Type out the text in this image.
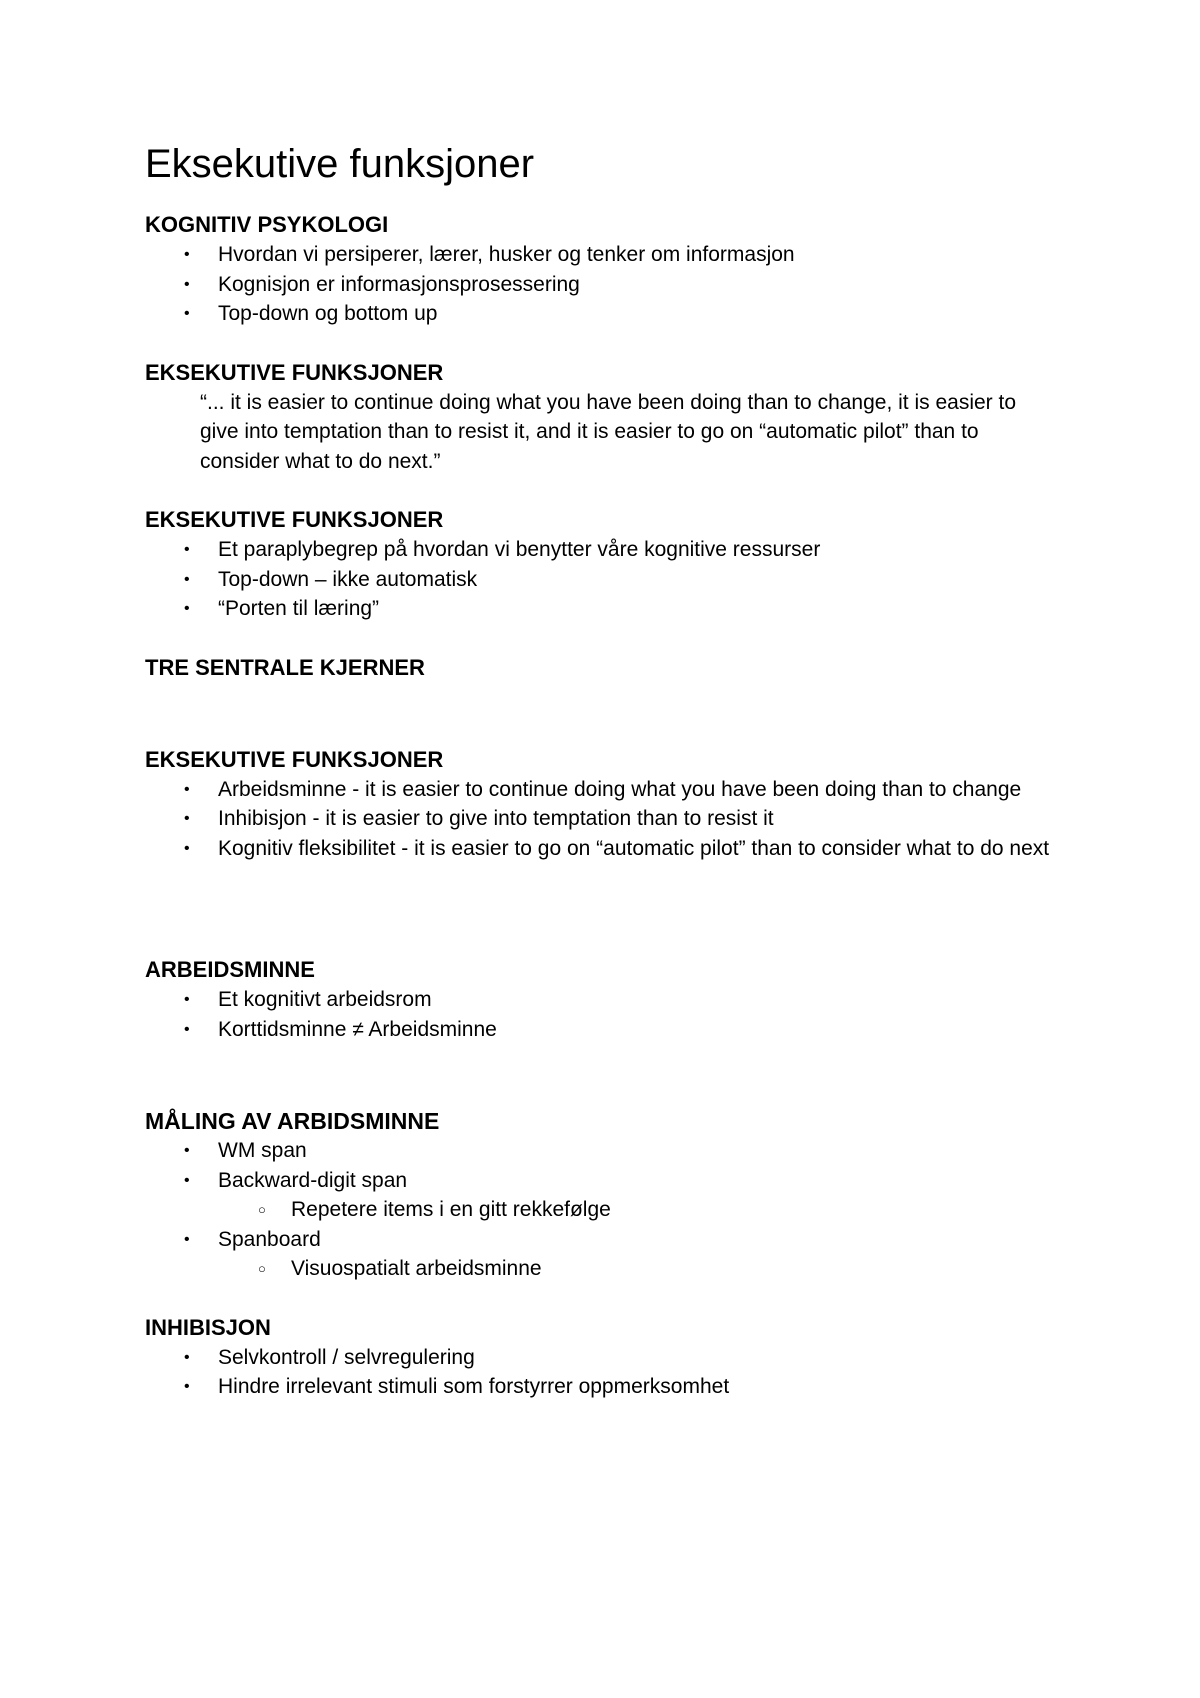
Eksekutive funksjoner
KOGNITIV PSYKOLOGI
• Hvordan vi persiperer, lærer, husker og tenker om informasjon
• Kognisjon er informasjonsprosessering
• Top-down og bottom up
EKSEKUTIVE FUNKSJONER

“... it is easier to continue doing what you have been doing than to change, it is easier to give into temptation than to resist it, and it is easier to go on “automatic pilot” than to consider what to do next.”

EKSEKUTIVE FUNKSJONER
• Et paraplybegrep på hvordan vi benytter våre kognitive ressurser
• Top-down – ikke automatisk
• “Porten til læring”
TRE SENTRALE KJERNER
EKSEKUTIVE FUNKSJONER
• Arbeidsminne - it is easier to continue doing what you have been doing than to change
• Inhibisjon - it is easier to give into temptation than to resist it
• Kognitiv fleksibilitet - it is easier to go on “automatic pilot” than to consider what to do next
ARBEIDSMINNE
• Et kognitivt arbeidsrom
• Korttidsminne ≠ Arbeidsminne
MÅLING AV ARBIDSMINNE
• WM span
• Backward-digit span
○ Repetere items i en gitt rekkefølge
• Spanboard
○ Visuospatialt arbeidsminne
INHIBISJON
• Selvkontroll / selvregulering
• Hindre irrelevant stimuli som forstyrrer oppmerksomhet
